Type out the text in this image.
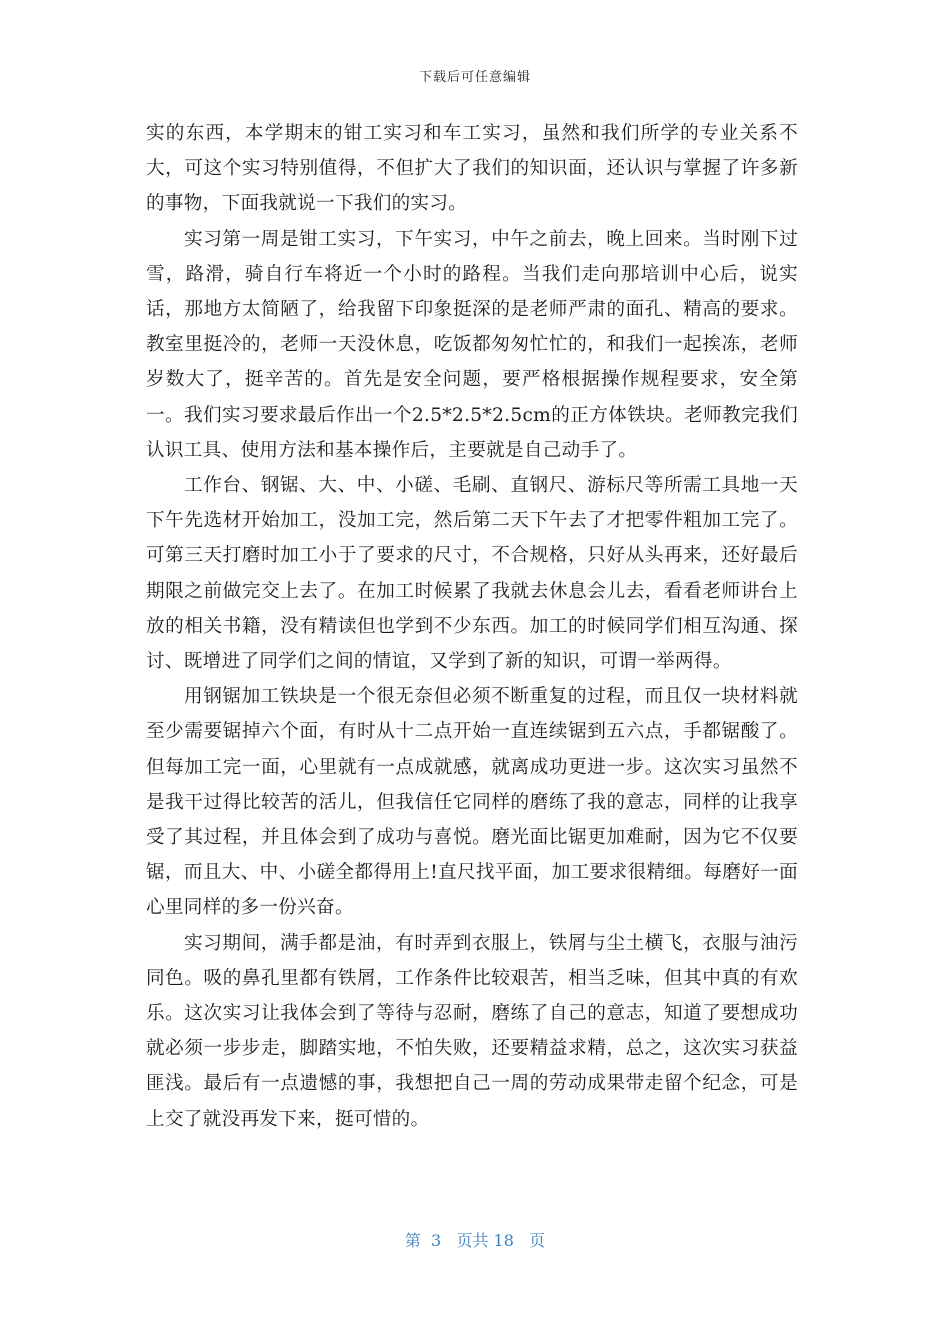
下载后可任意编辑

实的东西，本学期末的钳工实习和车工实习，虽然和我们所学的专业关系不大，可这个实习特别值得，不但扩大了我们的知识面，还认识与掌握了许多新的事物，下面我就说一下我们的实习。

实习第一周是钳工实习，下午实习，中午之前去，晚上回来。当时刚下过雪，路滑，骑自行车将近一个小时的路程。当我们走向那培训中心后，说实话，那地方太简陋了，给我留下印象挺深的是老师严肃的面孔、精高的要求。教室里挺冷的，老师一天没休息，吃饭都匆匆忙忙的，和我们一起挨冻，老师岁数大了，挺辛苦的。首先是安全问题，要严格根据操作规程要求，安全第一。我们实习要求最后作出一个2.5*2.5*2.5cm的正方体铁块。老师教完我们认识工具、使用方法和基本操作后，主要就是自己动手了。

工作台、钢锯、大、中、小磋、毛刷、直钢尺、游标尺等所需工具地一天下午先选材开始加工，没加工完，然后第二天下午去了才把零件粗加工完了。可第三天打磨时加工小于了要求的尺寸，不合规格，只好从头再来，还好最后期限之前做完交上去了。在加工时候累了我就去休息会儿去，看看老师讲台上放的相关书籍，没有精读但也学到不少东西。加工的时候同学们相互沟通、探讨、既增进了同学们之间的情谊，又学到了新的知识，可谓一举两得。

用钢锯加工铁块是一个很无奈但必须不断重复的过程，而且仅一块材料就至少需要锯掉六个面，有时从十二点开始一直连续锯到五六点，手都锯酸了。但每加工完一面，心里就有一点成就感，就离成功更进一步。这次实习虽然不是我干过得比较苦的活儿，但我信任它同样的磨练了我的意志，同样的让我享受了其过程，并且体会到了成功与喜悦。磨光面比锯更加难耐，因为它不仅要锯，而且大、中、小磋全都得用上!直尺找平面，加工要求很精细。每磨好一面心里同样的多一份兴奋。

实习期间，满手都是油，有时弄到衣服上，铁屑与尘土横飞，衣服与油污同色。吸的鼻孔里都有铁屑，工作条件比较艰苦，相当乏味，但其中真的有欢乐。这次实习让我体会到了等待与忍耐，磨练了自己的意志，知道了要想成功就必须一步步走，脚踏实地，不怕失败，还要精益求精，总之，这次实习获益匪浅。最后有一点遗憾的事，我想把自己一周的劳动成果带走留个纪念，可是上交了就没再发下来，挺可惜的。

第  3   页共 18   页
